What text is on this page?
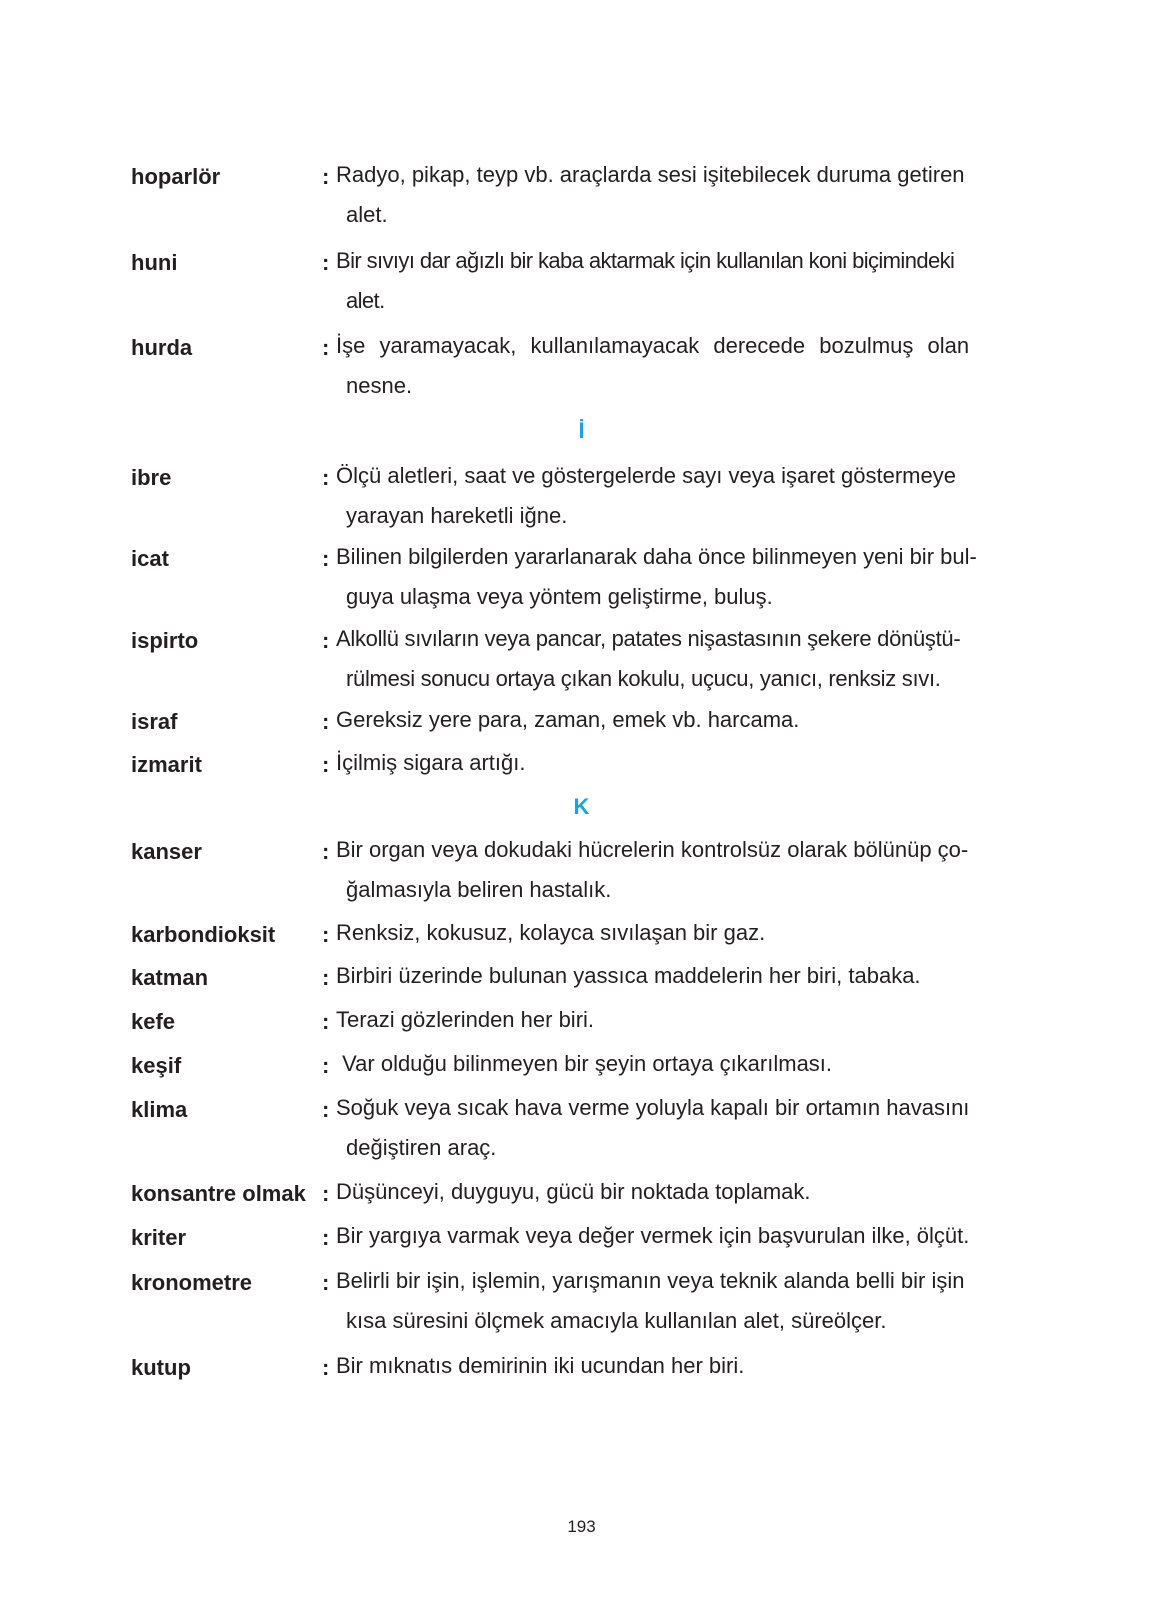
hoparlör	: Radyo, pikap, teyp vb. araçlarda sesi işitebilecek duruma getiren
alet.
huni	: Bir sıvıyı dar ağızlı bir kaba aktarmak için kullanılan koni biçimindeki
alet.
hurda	: İşe yaramayacak, kullanılamayacak derecede bozulmuş olan
nesne.
İ
ibre	: Ölçü aletleri, saat ve göstergelerde sayı veya işaret göstermeye
yarayan hareketli iğne.
icat	: Bilinen bilgilerden yararlanarak daha önce bilinmeyen yeni bir bul-
guya ulaşma veya yöntem geliştirme, buluş.
ispirto	: Alkollü sıvıların veya pancar, patates nişastasının şekere dönüştü-
rülmesi sonucu ortaya çıkan kokulu, uçucu, yanıcı, renksiz sıvı.
israf	: Gereksiz yere para, zaman, emek vb. harcama.
izmarit	: İçilmiş sigara artığı.
K
kanser	: Bir organ veya dokudaki hücrelerin kontrolsüz olarak bölünüp ço-
ğalmasıyla beliren hastalık.
karbondioksit : Renksiz, kokusuz, kolayca sıvılaşan bir gaz.
katman	: Birbiri üzerinde bulunan yassıca maddelerin her biri, tabaka.
kefe	: Terazi gözlerinden her biri.
keşif	: Var olduğu bilinmeyen bir şeyin ortaya çıkarılması.
klima	: Soğuk veya sıcak hava verme yoluyla kapalı bir ortamın havasını
değiştiren araç.
konsantre olmak : Düşünceyi, duyguyu, gücü bir noktada toplamak.
kriter	: Bir yargıya varmak veya değer vermek için başvurulan ilke, ölçüt.
kronometre	: Belirli bir işin, işlemin, yarışmanın veya teknik alanda belli bir işin
kısa süresini ölçmek amacıyla kullanılan alet, süreölçer.
kutup	: Bir mıknatıs demirinin iki ucundan her biri.
193
